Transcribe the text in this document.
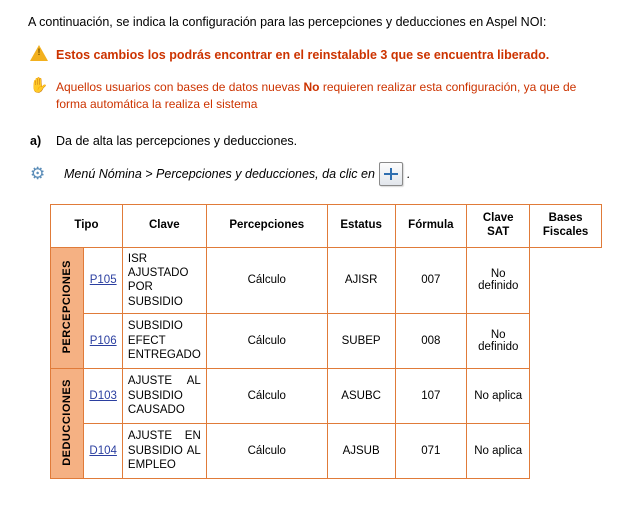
A continuación, se indica la configuración para las percepciones y deducciones en Aspel NOI:

!
Estos cambios los podrás encontrar en el reinstalable 3 que se encuentra liberado.
✋ Aquellos usuarios con bases de datos nuevas No requieren realizar esta configuración, ya que de forma automática la realiza el sistema
a)	Da de alta las percepciones y deducciones.
⚙	Menú Nómina > Percepciones y deducciones, da clic en	.
Tipo		Clave	Percepciones	Estatus	Fórmula	Clave SAT	Bases Fiscales
PERCEPCIONES	P105	ISR AJUSTADO POR SUBSIDIO	Cálculo	AJISR	007	No definido	
	P106	SUBSIDIO EFECT ENTREGADO	Cálculo	SUBEP	008	No definido	
DEDUCCIONES	D103	AJUSTE AL SUBSIDIO CAUSADO	Cálculo	ASUBC	107	No aplica	
	D104	AJUSTE EN SUBSIDIO AL EMPLEO	Cálculo	AJSUB	071	No aplica	
